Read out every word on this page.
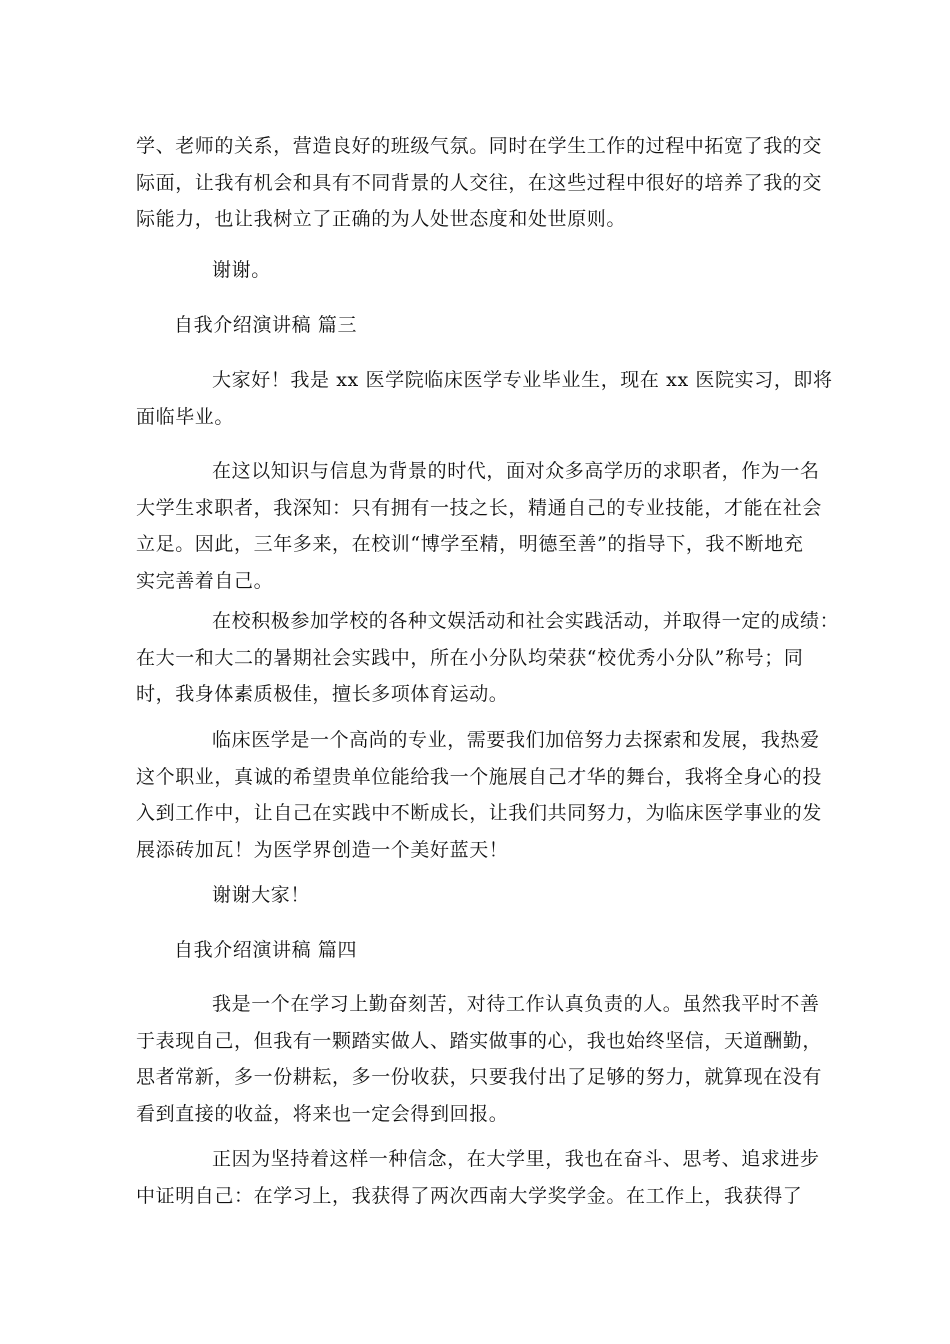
学、老师的关系，营造良好的班级气氛。同时在学生工作的过程中拓宽了我的交
际面，让我有机会和具有不同背景的人交往，在这些过程中很好的培养了我的交
际能力，也让我树立了正确的为人处世态度和处世原则。
谢谢。
自我介绍演讲稿 篇三
大家好！我是 xx 医学院临床医学专业毕业生，现在 xx 医院实习，即将
面临毕业。
在这以知识与信息为背景的时代，面对众多高学历的求职者，作为一名
大学生求职者，我深知：只有拥有一技之长，精通自己的专业技能，才能在社会
立足。因此，三年多来，在校训“博学至精，明德至善”的指导下，我不断地充
实完善着自己。
在校积极参加学校的各种文娱活动和社会实践活动，并取得一定的成绩：
在大一和大二的暑期社会实践中，所在小分队均荣获“校优秀小分队”称号；同
时，我身体素质极佳，擅长多项体育运动。
临床医学是一个高尚的专业，需要我们加倍努力去探索和发展，我热爱
这个职业，真诚的希望贵单位能给我一个施展自己才华的舞台，我将全身心的投
入到工作中，让自己在实践中不断成长，让我们共同努力，为临床医学事业的发
展添砖加瓦！为医学界创造一个美好蓝天！
谢谢大家！
自我介绍演讲稿 篇四
我是一个在学习上勤奋刻苦，对待工作认真负责的人。虽然我平时不善
于表现自己，但我有一颗踏实做人、踏实做事的心，我也始终坚信，天道酬勤，
思者常新，多一份耕耘，多一份收获，只要我付出了足够的努力，就算现在没有
看到直接的收益，将来也一定会得到回报。
正因为坚持着这样一种信念，在大学里，我也在奋斗、思考、追求进步
中证明自己：在学习上，我获得了两次西南大学奖学金。在工作上，我获得了
